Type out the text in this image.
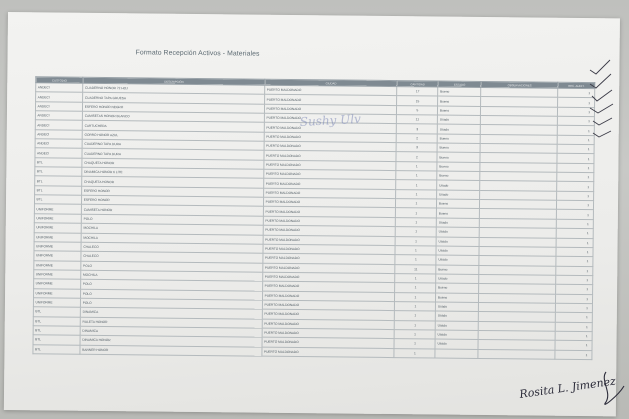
Formato Recepción Activos - Materiales
CUSTODIO	DESCRIPCIÓN	CIUDAD	CANTIDAD	ESTADO	OBSERVACIONES	REC. AUDIT.
ANDECI	CUADERNO HONOR 72 HOJ	PUERTO MALDONADO	17	Bueno		1
ANDECI	CUADERNO TAPA GRUESA	PUERTO MALDONADO	15	Bueno		1
ANDECI	ESFERO HONOR NEGRO	PUERTO MALDONADO	5	Bueno		1
ANDECI	CAMISETAS HONOR BLANCO	PUERTO MALDONADO	11	Usado		1
ANDECI	CARTUCHERA	PUERTO MALDONADO	3	Usado		1
ANDECI	GORRO HONOR AZUL	PUERTO MALDONADO	2	Bueno		1
ANDECI	CUADERNO TAPA DURA	PUERTO MALDONADO	3	Bueno		1
ANDECI	CUADERNO TAPA DURA	PUERTO MALDONADO	2	Bueno		1
BTL	CHAQUETA HONOR	PUERTO MALDONADO	1	Bueno		1
BTL	DINAMICA HONOR 6 LITE	PUERTO MALDONADO	1	Bueno		1
BTL	CHAQUETA HONOR	PUERTO MALDONADO	1	Usado		1
BTL	ESFERO HONOR	PUERTO MALDONADO	1	Usado		1
BTL	ESFERO HONOR	PUERTO MALDONADO	1	Bueno		1
UNIFORME	CAMISETA HONOR	PUERTO MALDONADO	1	Bueno		1
UNIFORME	POLO	PUERTO MALDONADO	1	Usado		1
UNIFORME	MOCHILA	PUERTO MALDONADO	1	Usado		1
UNIFORME	MOCHILA	PUERTO MALDONADO	1	Usado		1
UNIFORME	CHALECO	PUERTO MALDONADO	1	Usado		1
UNIFORME	CHALECO	PUERTO MALDONADO	1	Usado		1
UNIFORME	POLO	PUERTO MALDONADO	11	Bueno		1
UNIFORME	MOCHILA	PUERTO MALDONADO	1	Usado		1
UNIFORME	POLO	PUERTO MALDONADO	1	Bueno		1
UNIFORME	POLO	PUERTO MALDONADO	1	Bueno		1
UNIFORME	POLO	PUERTO MALDONADO	1	Usado		1
BTL	DINAMICA	PUERTO MALDONADO	1	Usado		1
BTL	RULETA HONOR	PUERTO MALDONADO	1	Usado		1
BTL	DINAMICA	PUERTO MALDONADO	1	Usado		1
BTL	DINAMICA HONOR	PUERTO MALDONADO	1	Usado		1
BTL	BANNER HONOR	PUERTO MALDONADO	1			1
Sushy Ulv
Rosita L. Jimenez
